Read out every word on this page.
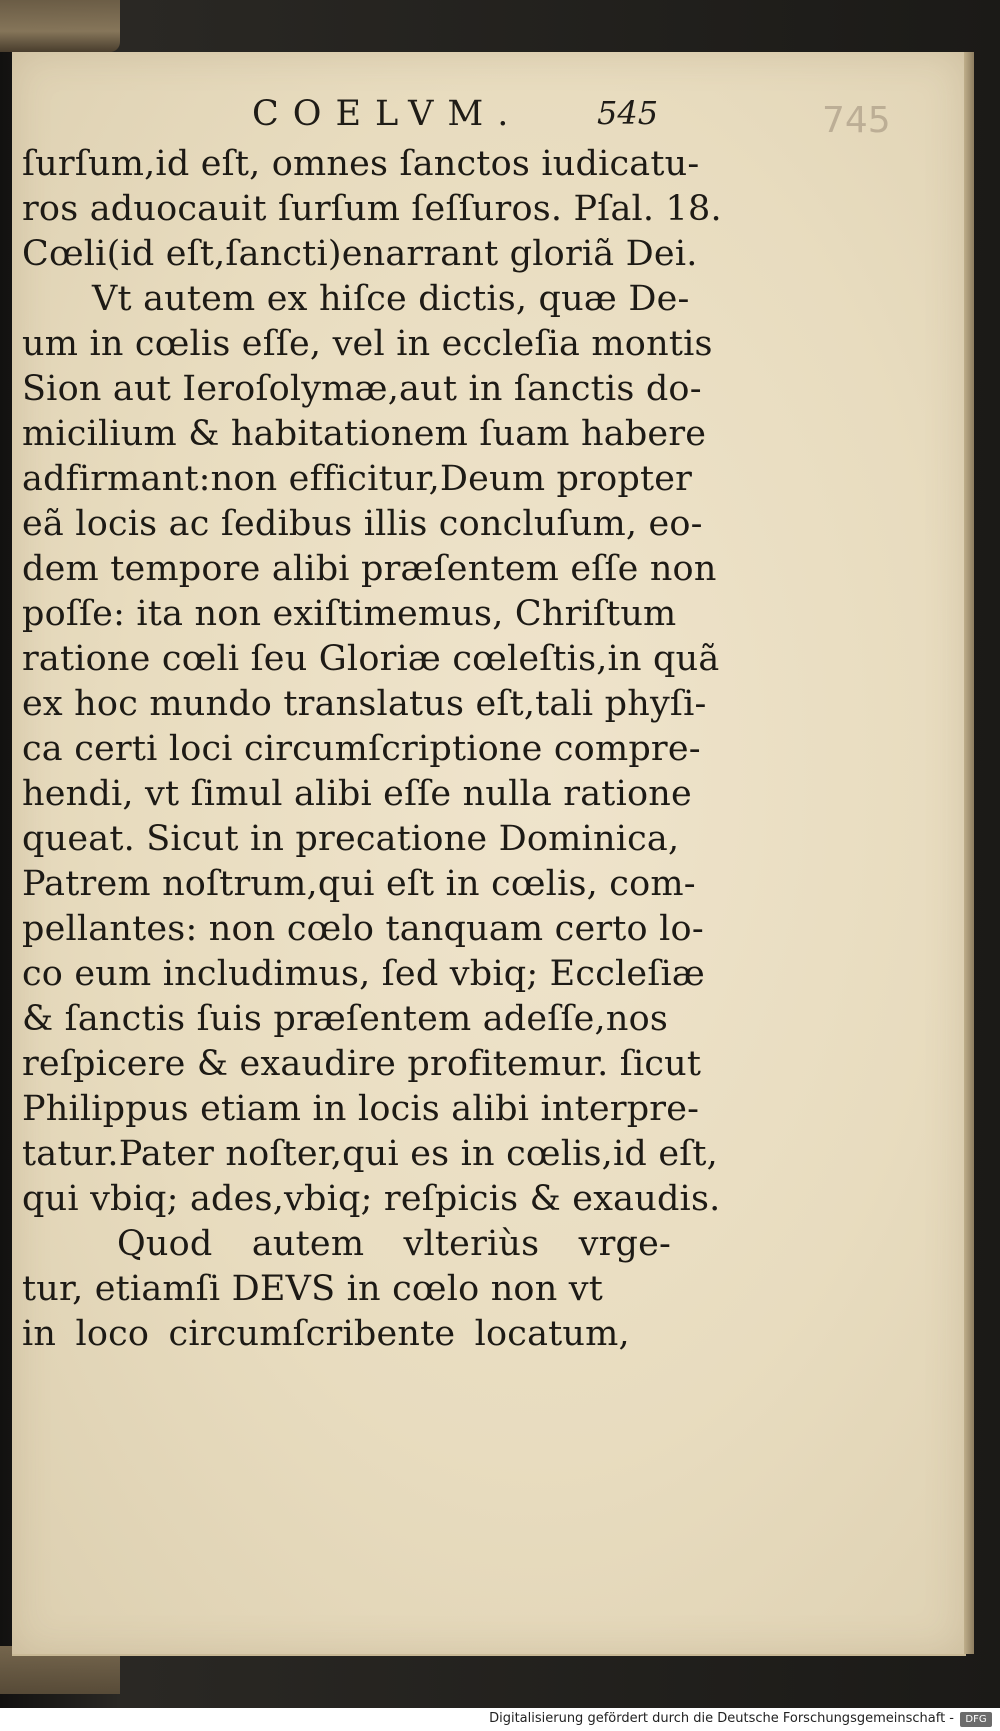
COELVM. 545	745
ſurſum,id eſt, omnes ſanctos iudicatu-
ros aduocauit ſurſum ſeſſuros. Pſal. 18.
Cœli(id eſt,ſancti)enarrant gloriã Dei.
Vt autem ex hiſce dictis, quæ De-
um in cœlis eſſe, vel in eccleſia montis
Sion aut Ieroſolymæ,aut in ſanctis do-
micilium & habitationem ſuam habere
adfirmant:non efficitur,Deum propter
eã locis ac ſedibus illis concluſum, eo-
dem tempore alibi præſentem eſſe non
poſſe: ita non exiſtimemus, Chriſtum
ratione cœli ſeu Gloriæ cœleſtis,in quã
ex hoc mundo translatus eſt,tali phyſi-
ca certi loci circumſcriptione compre-
hendi, vt ſimul alibi eſſe nulla ratione
queat. Sicut in precatione Dominica,
Patrem noſtrum,qui eſt in cœlis, com-
pellantes: non cœlo tanquam certo lo-
co eum includimus, ſed vbiq; Eccleſiæ
& ſanctis ſuis præſentem adeſſe,nos
reſpicere & exaudire profitemur. ſicut
Philippus etiam in locis alibi interpre-
tatur.Pater noſter,qui es in cœlis,id eſt,
qui vbiq; ades,vbiq; reſpicis & exaudis.
Quod autem vlteriùs vrge-
tur, etiamſi DEVS in cœlo non vt
in loco circumſcribente locatum,
Digitalisierung gefördert durch die Deutsche Forschungsgemeinschaft -	DFG
